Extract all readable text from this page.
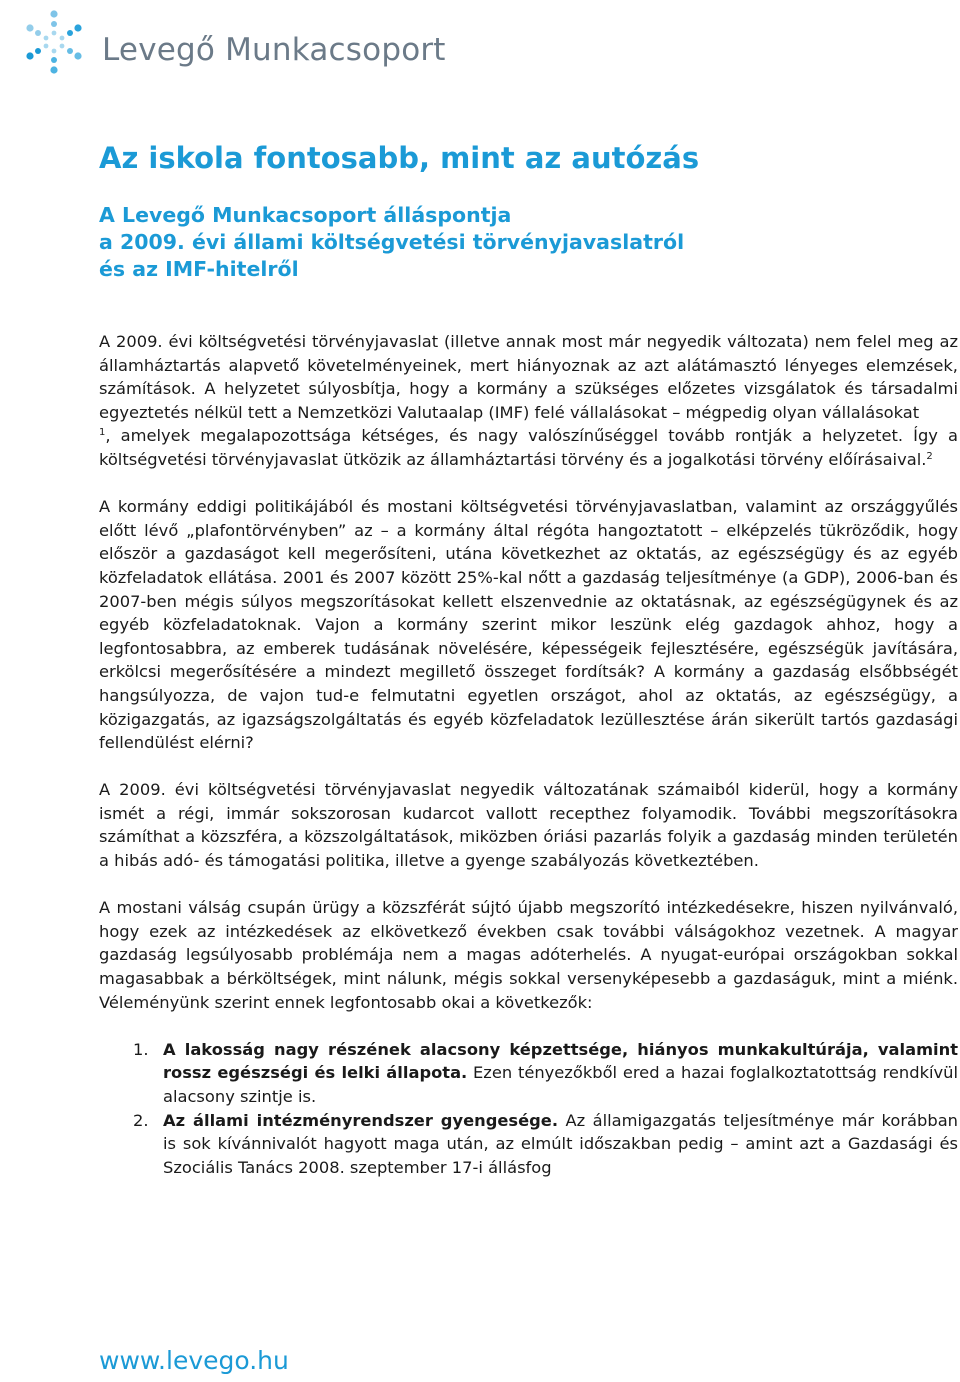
Levegő Munkacsoport
Az iskola fontosabb, mint az autózás
A Levegő Munkacsoport álláspontja
a 2009. évi állami költségvetési törvényjavaslatról
és az IMF-hitelről

A 2009. évi költségvetési törvényjavaslat (illetve annak most már negyedik változata) nem felel meg az államháztartás alapvető követelményeinek, mert hiányoznak az azt alátámasztó lényeges elemzések, számítások. A helyzetet súlyosbítja, hogy a kormány a szükséges előzetes vizsgálatok és társadalmi egyeztetés nélkül tett a Nemzetközi Valutaalap (IMF) felé vállalásokat – mégpedig olyan vállalásokat
$^1$, amelyek megalapozottsága kétséges, és nagy valószínűséggel tovább rontják a helyzetet. Így a költségvetési törvényjavaslat ütközik az államháztartási törvény és a jogalkotási törvény előírásaival.$^2$

A kormány eddigi politikájából és mostani költségvetési törvényjavaslatban, valamint az országgyűlés előtt lévő „plafontörvényben” az – a kormány által régóta hangoztatott – elképzelés tükröződik, hogy először a gazdaságot kell megerősíteni, utána következhet az oktatás, az egészségügy és az egyéb közfeladatok ellátása. 2001 és 2007 között 25%-kal nőtt a gazdaság teljesítménye (a GDP), 2006-ban és 2007-ben mégis súlyos megszorításokat kellett elszenvednie az oktatásnak, az egészségügynek és az egyéb közfeladatoknak. Vajon a kormány szerint mikor leszünk elég gazdagok ahhoz, hogy a legfontosabbra, az emberek tudásának növelésére, képességeik fejlesztésére, egészségük javítására, erkölcsi megerősítésére a mindezt megillető összeget fordítsák? A kormány a gazdaság elsőbbségét hangsúlyozza, de vajon tud-e felmutatni egyetlen országot, ahol az oktatás, az egészségügy, a közigazgatás, az igazságszolgáltatás és egyéb közfeladatok lezüllesztése árán sikerült tartós gazdasági fellendülést elérni?

A 2009. évi költségvetési törvényjavaslat negyedik változatának számaiból kiderül, hogy a kormány ismét a régi, immár sokszorosan kudarcot vallott recepthez folyamodik. További megszorításokra számíthat a közszféra, a közszolgáltatások, miközben óriási pazarlás folyik a gazdaság minden területén a hibás adó- és támogatási politika, illetve a gyenge szabályozás következtében.

A mostani válság csupán ürügy a közszférát sújtó újabb megszorító intézkedésekre, hiszen nyilvánvaló, hogy ezek az intézkedések az elkövetkező években csak további válságokhoz vezetnek. A magyar gazdaság legsúlyosabb problémája nem a magas adóterhelés. A nyugat-európai országokban sokkal magasabbak a bérköltségek, mint nálunk, mégis sokkal versenyképesebb a gazdaságuk, mint a miénk. Véleményünk szerint ennek legfontosabb okai a következők:

1. A lakosság nagy részének alacsony képzettsége, hiányos munkakultúrája, valamint rossz egészségi és lelki állapota. Ezen tényezőkből ered a hazai foglalkoztatottság rendkívül alacsony szintje is.
2. Az állami intézményrendszer gyengesége. Az államigazgatás teljesítménye már korábban is sok kívánnivalót hagyott maga után, az elmúlt időszakban pedig – amint azt a Gazdasági és Szociális Tanács 2008. szeptember 17-i állásfog
www.levego.hu
